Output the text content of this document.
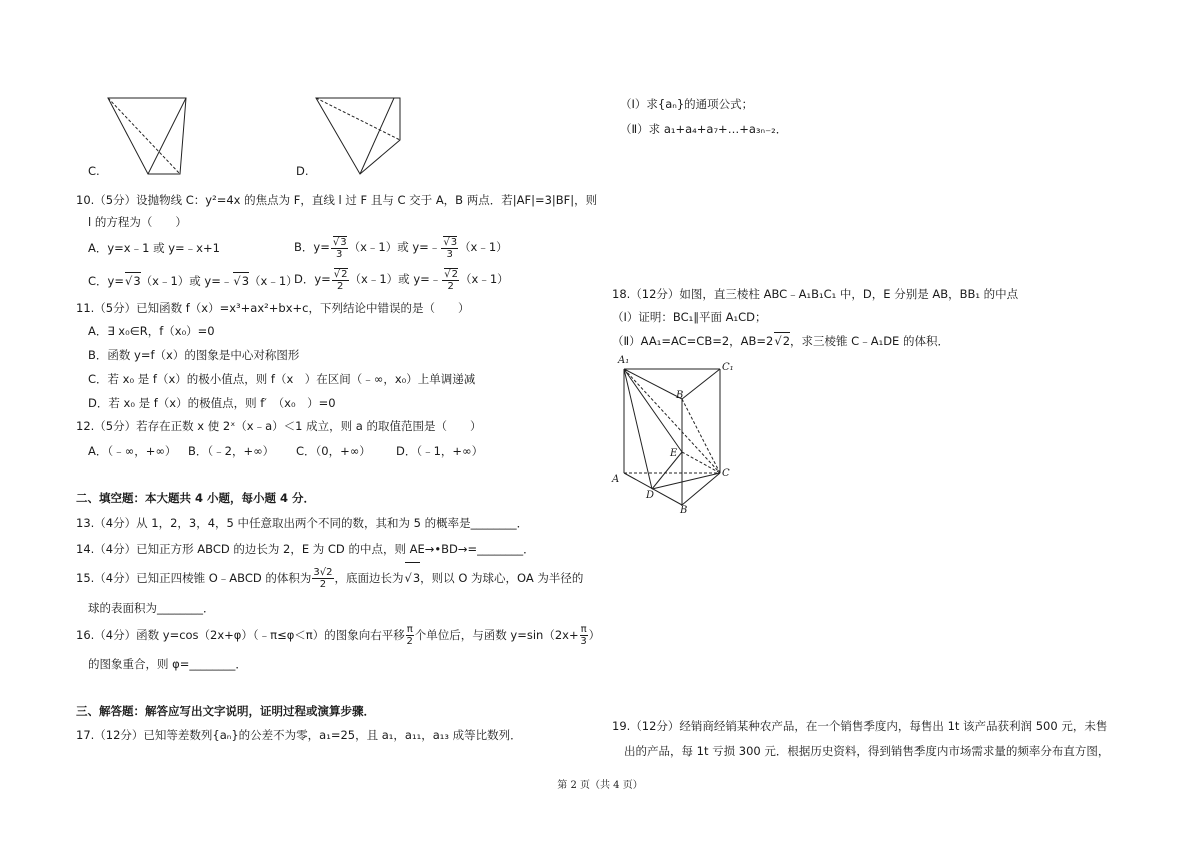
C.	D.
10.（5分）设抛物线 C：y²=4x 的焦点为 F，直线 l 过 F 且与 C 交于 A，B 两点．若|AF|=3|BF|，则
l 的方程为（　　）
A．y=x﹣1 或 y=﹣x+1	B．y= √ $\frac{3}{3}$ （x﹣1）或 y=﹣ √ $\frac{3}{3}$ （x﹣1）
C．y= √ 3（x﹣1）或 y=﹣ √ 3（x﹣1）
D．y= √ $\frac{2}{2}$ （x﹣1）或 y=﹣ √ $\frac{2}{2}$ （x﹣1）
11.（5分）已知函数 f（x）=x³+ax²+bx+c，下列结论中错误的是（　　）
A．∃ x₀∈R，f（x₀）=0
B．函数 y=f（x）的图象是中心对称图形
C．若 x₀ 是 f（x）的极小值点，则 f（x　）在区间（﹣∞，x₀）上单调递减
D．若 x₀ 是 f（x）的极值点，则 f′　（x₀　）=0
12.（5分）若存在正数 x 使 2ˣ（x﹣a）＜1 成立，则 a 的取值范围是（　　）
A．（﹣∞，+∞） B．（﹣2，+∞） C．（0，+∞） D．（﹣1，+∞）
二、填空题：本大题共 4 小题，每小题 4 分．
13.（4分）从 1，2，3，4，5 中任意取出两个不同的数，其和为 5 的概率是________．
14.（4分）已知正方形 ABCD 的边长为 2，E 为 CD 的中点，则 AE→•BD→=________．
15.（4分）已知正四棱锥 O﹣ABCD 的体积为 $\frac{3√2}{2}$ ，底面边长为 √ 3，则以 O 为球心，OA 为半径的
球的表面积为________．
16.（4分）函数 y=cos（2x+φ）（﹣π≤φ＜π）的图象向右平移 $\frac{\pi}{2}$ 个单位后，与函数 $y=\sin(2x+ \frac{\pi}{3}$ ）
的图象重合，则 φ=________．
三、解答题：解答应写出文字说明，证明过程或演算步骤．
17.（12分）已知等差数列{aₙ}的公差不为零，a₁=25，且 a₁，a₁₁，a₁₃ 成等比数列．
（Ⅰ）求{aₙ}的通项公式；
（Ⅱ）求 a₁+a₄+a₇+…+a₃ₙ₋₂．
18.（12分）如图，直三棱柱 ABC﹣A₁B₁C₁ 中，D，E 分别是 AB，BB₁ 的中点
（Ⅰ）证明：BC₁∥平面 A₁CD；
（Ⅱ）AA₁=AC=CB=2，AB=2 √ 2，求三棱锥 C﹣A₁DE 的体积．
A₁
C₁
B
E
C
A
D
B
19.（12分）经销商经销某种农产品，在一个销售季度内，每售出 1t 该产品获利润 500 元，未售
出的产品，每 1t 亏损 300 元．根据历史资料，得到销售季度内市场需求量的频率分布直方图，
第 2 页（共 4 页）
